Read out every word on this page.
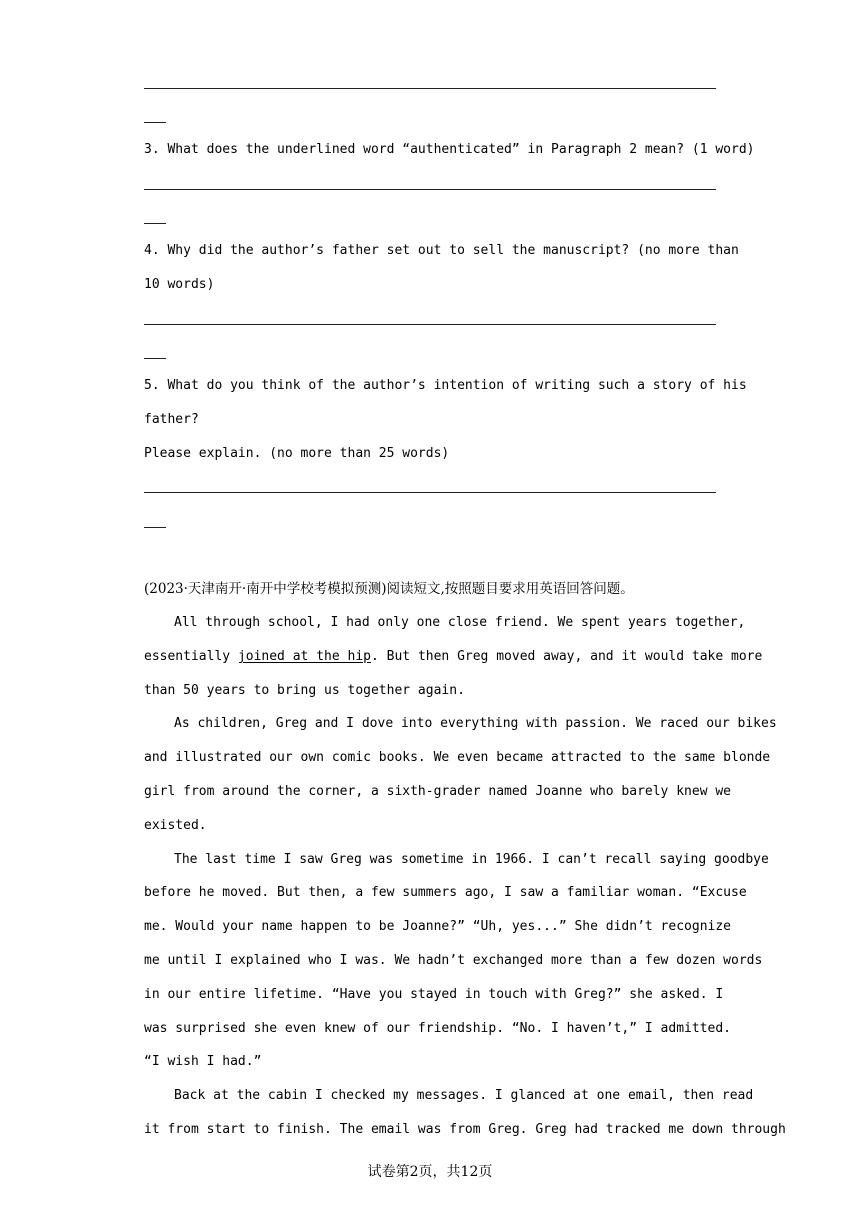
3. What does the underlined word “authenticated” in Paragraph 2 mean? (1 word)
4. Why did the author’s father set out to sell the manuscript? (no more than
10 words)
5. What do you think of the author’s intention of writing such a story of his
father?
Please explain. (no more than 25 words)
(2023·天津南开·南开中学校考模拟预测)阅读短文,按照题目要求用英语回答问题。
All through school, I had only one close friend. We spent years together,
essentially joined at the hip. But then Greg moved away, and it would take more
than 50 years to bring us together again.
As children, Greg and I dove into everything with passion. We raced our bikes
and illustrated our own comic books. We even became attracted to the same blonde
girl from around the corner, a sixth-grader named Joanne who barely knew we
existed.
The last time I saw Greg was sometime in 1966. I can’t recall saying goodbye
before he moved. But then, a few summers ago, I saw a familiar woman. “Excuse
me. Would your name happen to be Joanne?” “Uh, yes...” She didn’t recognize
me until I explained who I was. We hadn’t exchanged more than a few dozen words
in our entire lifetime. “Have you stayed in touch with Greg?” she asked. I
was surprised she even knew of our friendship. “No. I haven’t,” I admitted.
“I wish I had.”
Back at the cabin I checked my messages. I glanced at one email, then read
it from start to finish. The email was from Greg. Greg had tracked me down through
试卷第2页，共12页
